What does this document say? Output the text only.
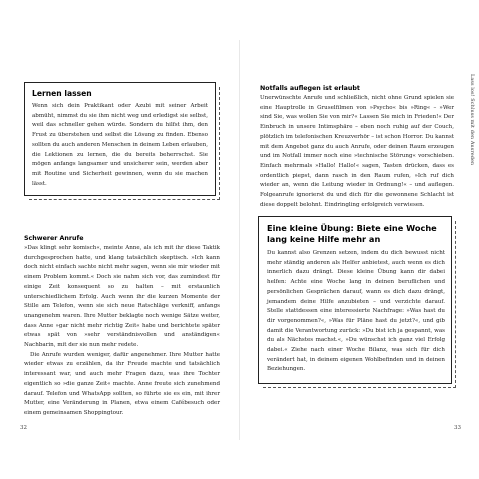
Lernen lassen

Wenn sich dein Praktikant oder Azubi mit seiner Arbeit abmüht, nimmst du sie ihm nicht weg und erledigst sie selbst, weil das schneller gehen würde. Sondern du hilfst ihm, den Frust zu überstehen und selbst die Lösung zu finden. Ebenso sollten du auch anderen Menschen in deinem Leben erlauben, die Lektionen zu lernen, die du bereits beherrschst. Sie mögen anfangs langsamer und unsicherer sein, werden aber mit Routine und Sicherheit gewinnen, wenn du sie machen lässt.

Schwerer Anrufe

»Das klingt sehr komisch«, meinte Anne, als ich mit ihr diese Taktik durchgesprochen hatte, und klang tatsächlich skeptisch. »Ich kann doch nicht einfach sachte nicht mehr sagen, wenn sie mir wieder mit einem Problem kommt.« Doch sie nahm sich vor, das zumindest für einige Zeit konsequent so zu halten – mit erstaunlich unterschiedlichem Erfolg. Auch wenn ihr die kurzen Momente der Stille am Telefon, wenn sie sich neue Ratschläge verkniff, anfangs unangenehm waren. Ihre Mutter beklagte noch wenige Sätze weiter, dass Anne »gar nicht mehr richtig Zeit« habe und berichtete später etwas spät von »sehr verständnisvollen und anständigen« Nachbarin, mit der sie nun mehr redete.

Die Anrufe wurden weniger, dafür angenehmer. Ihre Mutter hatte wieder etwas zu erzählen, da ihr Freude machte und tatsächlich interessant war, und auch mehr Fragen dazu, was ihre Tochter eigentlich so »die ganze Zeit« machte. Anne freute sich zunehmend darauf. Telefon und WhatsApp sollten, so führte sie es ein, mit ihrer Mutter, eine Veränderung in Planen, etwa einem Cafébesuch oder einem gemeinsamen Shoppingtour.

32

Notfalls auflegen ist erlaubt

Unerwünschte Anrufe und schließlich, nicht ohne Grund spielen sie eine Hauptrolle in Gruselfilmen von »Psycho« bis »Ring« – »Wer sind Sie, was wollen Sie von mir?« Lassen Sie mich in Frieden!« Der Einbruch in unsere Intimsphäre – eben noch ruhig auf der Couch, plötzlich im telefonischen Kreuzverhör – ist schon Horror. Du kannst mit dem Angebot ganz du auch Anrufe, oder deinen Raum erzeugen und im Notfall immer noch eine »technische Störung« vorschieben. Einfach mehrmals »Hallo! Hallo!« sagen, Tasten drücken, dass es ordentlich piepst, dann rasch in den Raum rufen, »Ich ruf dich wieder an, wenn die Leitung wieder in Ordnung!« – und auflegen. Folgeanrufe ignorierst du und dich für die gewonnene Schlacht ist diese doppelt belohnt. Eindringling erfolgreich verwiesen.

Eine kleine Übung: Biete eine Woche lang keine Hilfe mehr an

Du kannst also Grenzen setzen, indem du dich bewusst nicht mehr ständig anderen als Helfer anbietest, auch wenn es dich innerlich dazu drängt. Diese kleine Übung kann dir dabei helfen: Achte eine Woche lang in deinen beruflichen und persönlichen Gesprächen darauf, wann es dich dazu drängt, jemandem deine Hilfe anzubieten – und verzichte darauf. Stelle stattdessen eine interessierte Nachfrage: »Was hast du dir vorgenommen?«, »Was für Pläne hast du jetzt?«, und gib damit die Verantwortung zurück: »Du bist ich ja gespannt, was du als Nächstes machst.«, »Du wünschst ich ganz viel Erfolg dabei.« Ziehe nach einer Woche Bilanz, was sich für dich verändert hat, in deinem eigenen Wohlbefinden und in deinen Beziehungen.

Lass los! Schluss mit den Ausreden
33
